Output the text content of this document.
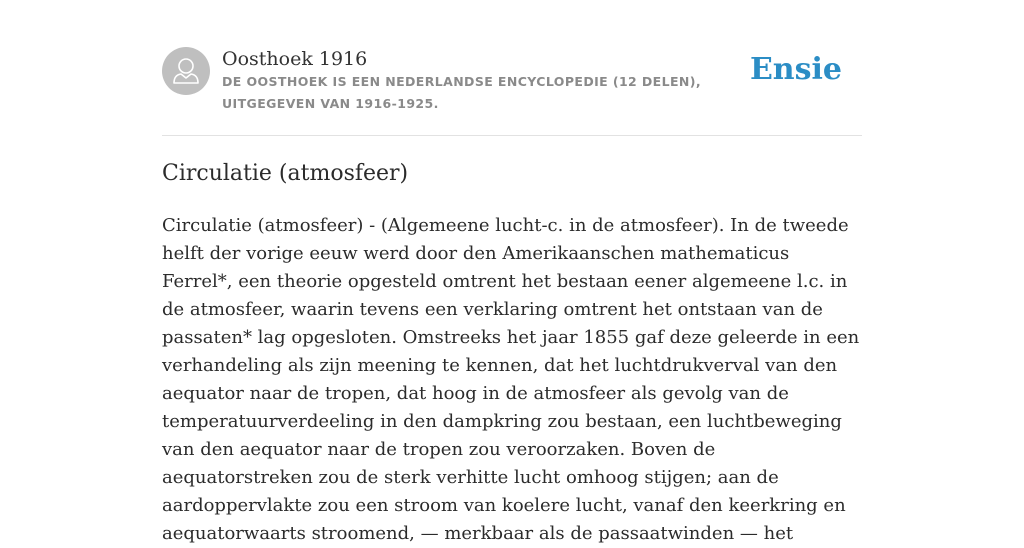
Oosthoek 1916
DE OOSTHOEK IS EEN NEDERLANDSE ENCYCLOPEDIE (12 DELEN), UITGEGEVEN VAN 1916-1925.
Ensie
Circulatie (atmosfeer)

Circulatie (atmosfeer) - (Algemeene lucht-c. in de atmosfeer). In de tweede helft der vorige eeuw werd door den Amerikaanschen mathematicus Ferrel*, een theorie opgesteld omtrent het bestaan eener algemeene l.c. in de atmosfeer, waarin tevens een verklaring omtrent het ontstaan van de passaten* lag opgesloten. Omstreeks het jaar 1855 gaf deze geleerde in een verhandeling als zijn meening te kennen, dat het luchtdrukverval van den aequator naar de tropen, dat hoog in de atmosfeer als gevolg van de temperatuurverdeeling in den dampkring zou bestaan, een luchtbeweging van den aequator naar de tropen zou veroorzaken. Boven de aequatorstreken zou de sterk verhitte lucht omhoog stijgen; aan de aardoppervlakte zou een stroom van koelere lucht, vanaf den keerkring en aequatorwaarts stroomend, — merkbaar als de passaatwinden — het
